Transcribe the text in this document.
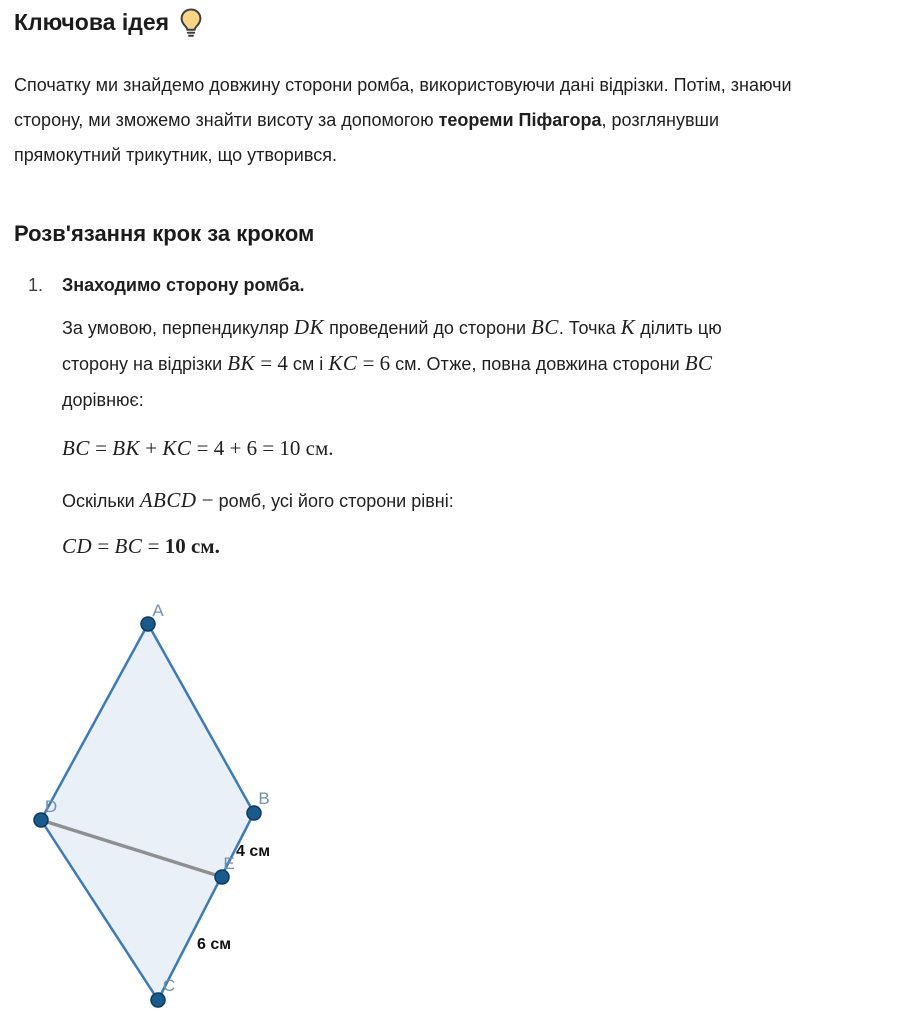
Ключова ідея

Спочатку ми знайдемо довжину сторони ромба, використовуючи дані відрізки. Потім, знаючи сторону, ми зможемо знайти висоту за допомогою теореми Піфагора, розглянувши прямокутний трикутник, що утворився.

Розв'язання крок за кроком
1.	Знаходимо сторону ромба.

За умовою, перпендикуляр DK проведений до сторони BC. Точка K ділить цю сторону на відрізки BK = 4 см і KC = 6 см. Отже, повна довжина сторони BC дорівнює:

BC = BK + KC = 4 + 6 = 10 см.

Оскільки ABCD − ромб, усі його сторони рівні:

CD = BC = 10 см.

A
B
C
D
E
4 см
6 см
